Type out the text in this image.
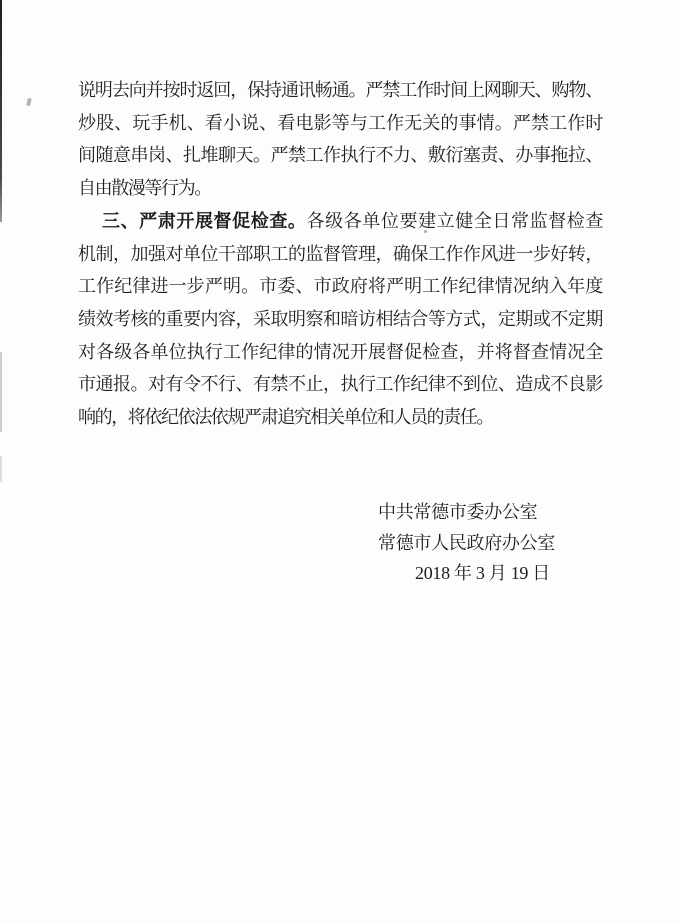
说明去向并按时返回，保持通讯畅通。严禁工作时间上网聊天、购物、

炒股、玩手机、看小说、看电影等与工作无关的事情。严禁工作时

间随意串岗、扎堆聊天。严禁工作执行不力、敷衍塞责、办事拖拉、

自由散漫等行为。

三、严肃开展督促检查。各级各单位要建立健全日常监督检查

机制，加强对单位干部职工的监督管理，确保工作作风进一步好转，

工作纪律进一步严明。市委、市政府将严明工作纪律情况纳入年度

绩效考核的重要内容，采取明察和暗访相结合等方式，定期或不定期

对各级各单位执行工作纪律的情况开展督促检查，并将督查情况全

市通报。对有令不行、有禁不止，执行工作纪律不到位、造成不良影

响的，将依纪依法依规严肃追究相关单位和人员的责任。

中共常德市委办公室

常德市人民政府办公室

2018 年 3 月 19 日
